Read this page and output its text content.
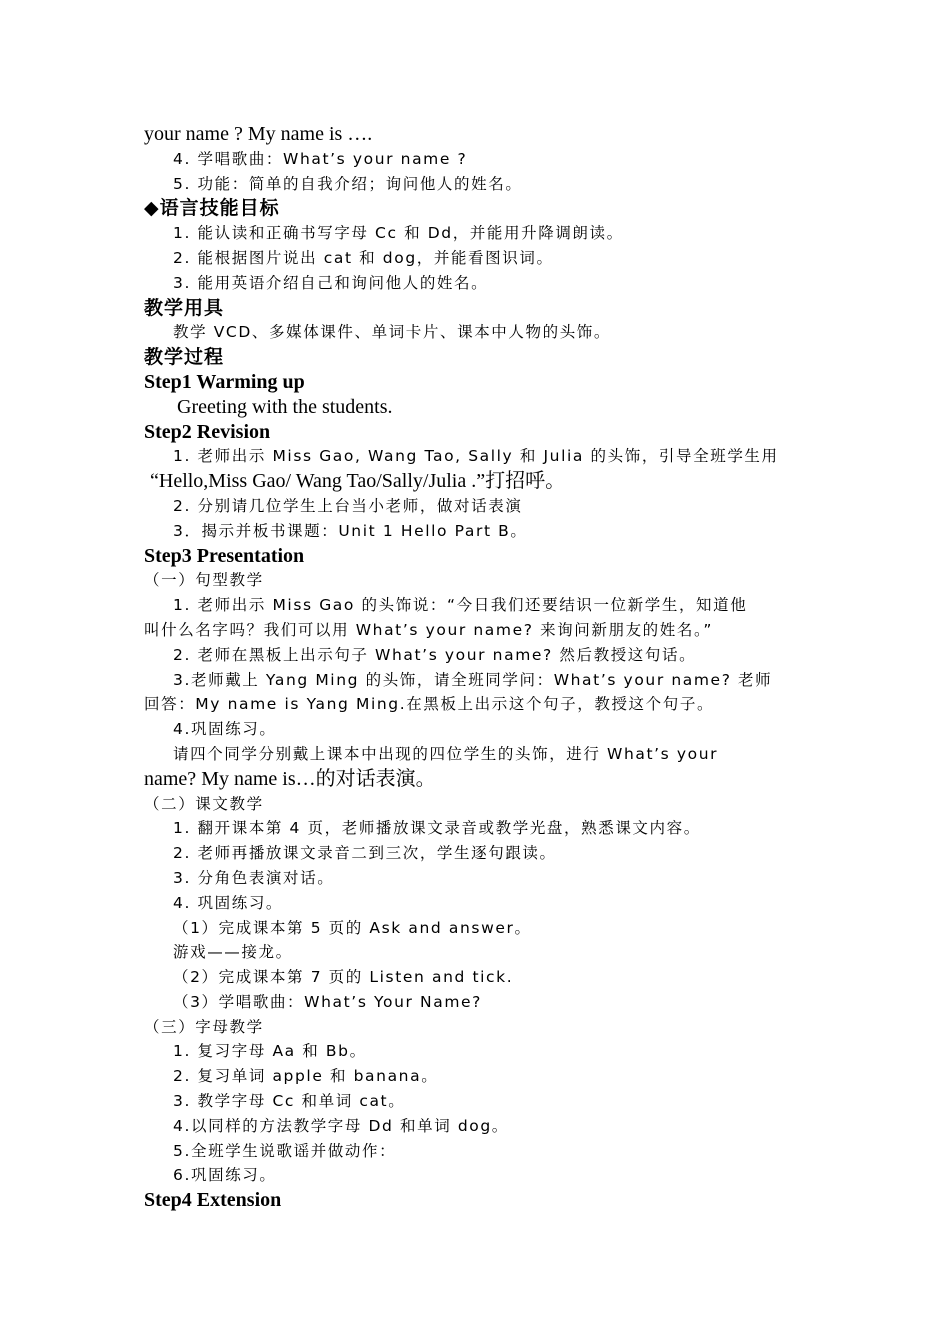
your name ? My name is ….
4. 学唱歌曲：What’s your name ?
5. 功能：简单的自我介绍；询问他人的姓名。
◆语言技能目标
1. 能认读和正确书写字母 Cc 和 Dd，并能用升降调朗读。
2. 能根据图片说出 cat 和 dog，并能看图识词。
3. 能用英语介绍自己和询问他人的姓名。
教学用具
教学 VCD、多媒体课件、单词卡片、课本中人物的头饰。
教学过程
Step1 Warming up
Greeting with the students.
Step2 Revision
1. 老师出示 Miss Gao, Wang Tao, Sally 和 Julia 的头饰，引导全班学生用
“Hello,Miss Gao/ Wang Tao/Sally/Julia .”打招呼。
2. 分别请几位学生上台当小老师，做对话表演
3．揭示并板书课题：Unit 1 Hello Part B。
Step3 Presentation
（一）句型教学
1. 老师出示 Miss Gao 的头饰说：“今日我们还要结识一位新学生，知道他
叫什么名字吗？我们可以用 What’s your name? 来询问新朋友的姓名。”
2. 老师在黑板上出示句子 What’s your name? 然后教授这句话。
3.老师戴上 Yang Ming 的头饰，请全班同学问：What’s your name? 老师
回答：My name is Yang Ming.在黑板上出示这个句子，教授这个句子。
4.巩固练习。
请四个同学分别戴上课本中出现的四位学生的头饰，进行 What’s your
name? My name is…的对话表演。
（二）课文教学
1. 翻开课本第 4 页，老师播放课文录音或教学光盘，熟悉课文内容。
2. 老师再播放课文录音二到三次，学生逐句跟读。
3. 分角色表演对话。
4. 巩固练习。
（1）完成课本第 5 页的 Ask and answer。
游戏——接龙。
（2）完成课本第 7 页的 Listen and tick.
（3）学唱歌曲：What’s Your Name?
（三）字母教学
1. 复习字母 Aa 和 Bb。
2. 复习单词 apple 和 banana。
3. 教学字母 Cc 和单词 cat。
4.以同样的方法教学字母 Dd 和单词 dog。
5.全班学生说歌谣并做动作：
6.巩固练习。
Step4 Extension
